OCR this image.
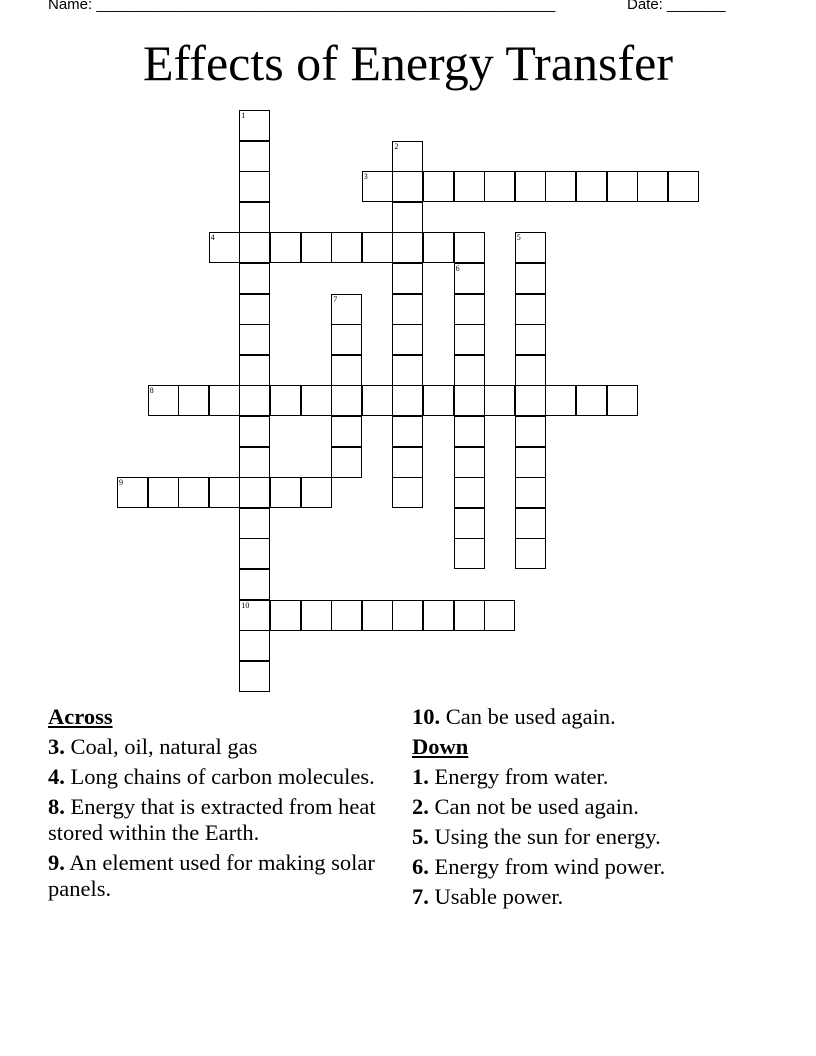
Name: _______________________________________________________	Date: _______
Effects of Energy Transfer
1
10
2
3
4	5
6
7
8
9
Across
3. Coal, oil, natural gas
4. Long chains of carbon molecules.
8. Energy that is extracted from heat stored within the Earth.
9. An element used for making solar panels.
10. Can be used again.
Down
1. Energy from water.
2. Can not be used again.
5. Using the sun for energy.
6. Energy from wind power.
7. Usable power.
